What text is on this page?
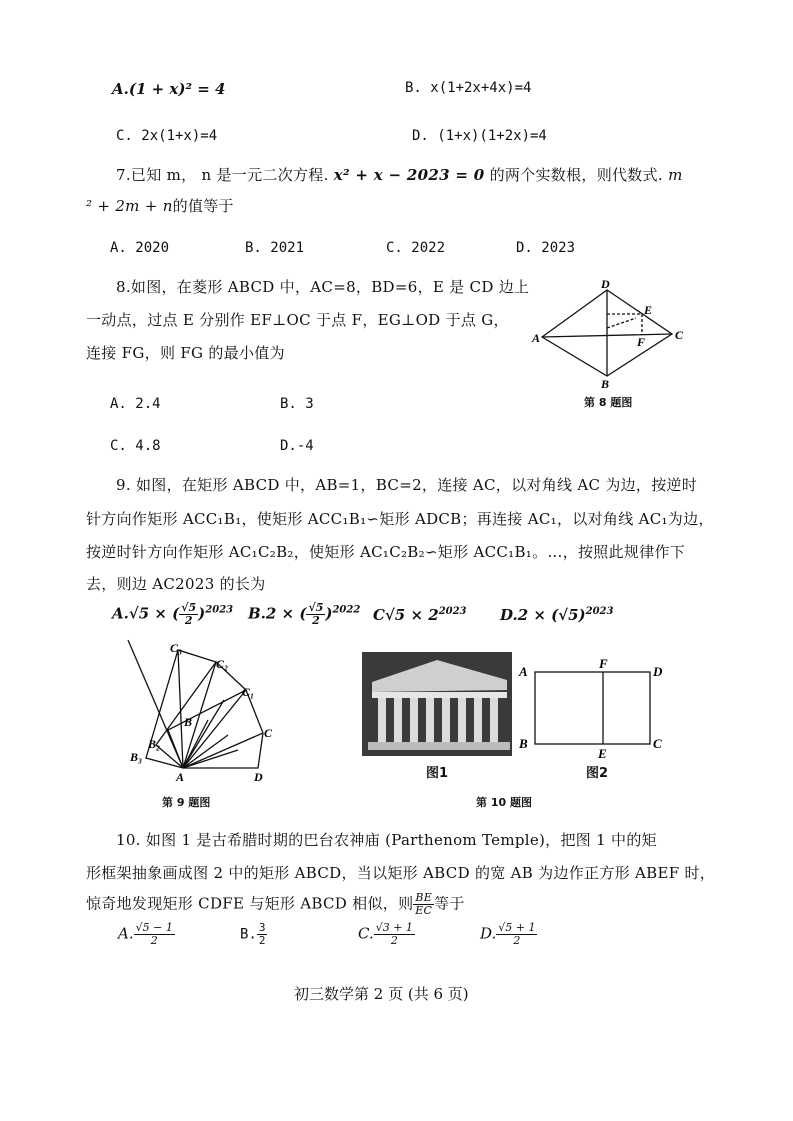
A.(1 + x)² = 4	B. x(1+2x+4x)=4
C. 2x(1+x)=4	D. (1+x)(1+2x)=4
7.已知 m， n 是一元二次方程. x² + x − 2023 = 0 的两个实数根，则代数式. m
² + 2m + n的值等于
A. 2020	B. 2021	C. 2022	D. 2023
8.如图，在菱形 ABCD 中，AC=8，BD=6，E 是 CD 边上
一动点，过点 E 分别作 EF⊥OC 于点 F，EG⊥OD 于点 G，
连接 FG，则 FG 的最小值为
A. 2.4	B. 3
C. 4.8	D.-4
A
D
E
C
F
B
第 8 题图
9. 如图，在矩形 ABCD 中，AB=1，BC=2，连接 AC，以对角线 AC 为边，按逆时
针方向作矩形 ACC₁B₁，使矩形 ACC₁B₁∽矩形 ADCB；再连接 AC₁，以对角线 AC₁为边，
按逆时针方向作矩形 AC₁C₂B₂，使矩形 AC₁C₂B₂∽矩形 ACC₁B₁。…，按照此规律作下
去，则边 AC2023 的长为
A.√5 × ( $\frac{√5}{2} )^{2023}$ B.2 × ( $\frac{√5}{2} )^{2022}$ $C√5 \times 2^{2023}$ $D.2 \times (√5)^{2023}$
C₃
C₂
C₁
B
B₂
B₃
C
A	D
第 9 题图
图1
A
F
D
B
E
C
图2
第 10 题图
10. 如图 1 是古希腊时期的巴台农神庙 (Parthenom Temple)，把图 1 中的矩
形框架抽象画成图 2 中的矩形 ABCD，当以矩形 ABCD 的宽 AB 为边作正方形 ABEF 时，
惊奇地发现矩形 CDFE 与矩形 ABCD 相似，则 $\frac{BE}{EC}$ 等于
A. $\frac{√5 - 1}{2}$	B. $\frac{3}{2}$	C. $\frac{√3 + 1}{2}$	D. $\frac{√5 + 1}{2}$
初三数学第 2 页 (共 6 页)
